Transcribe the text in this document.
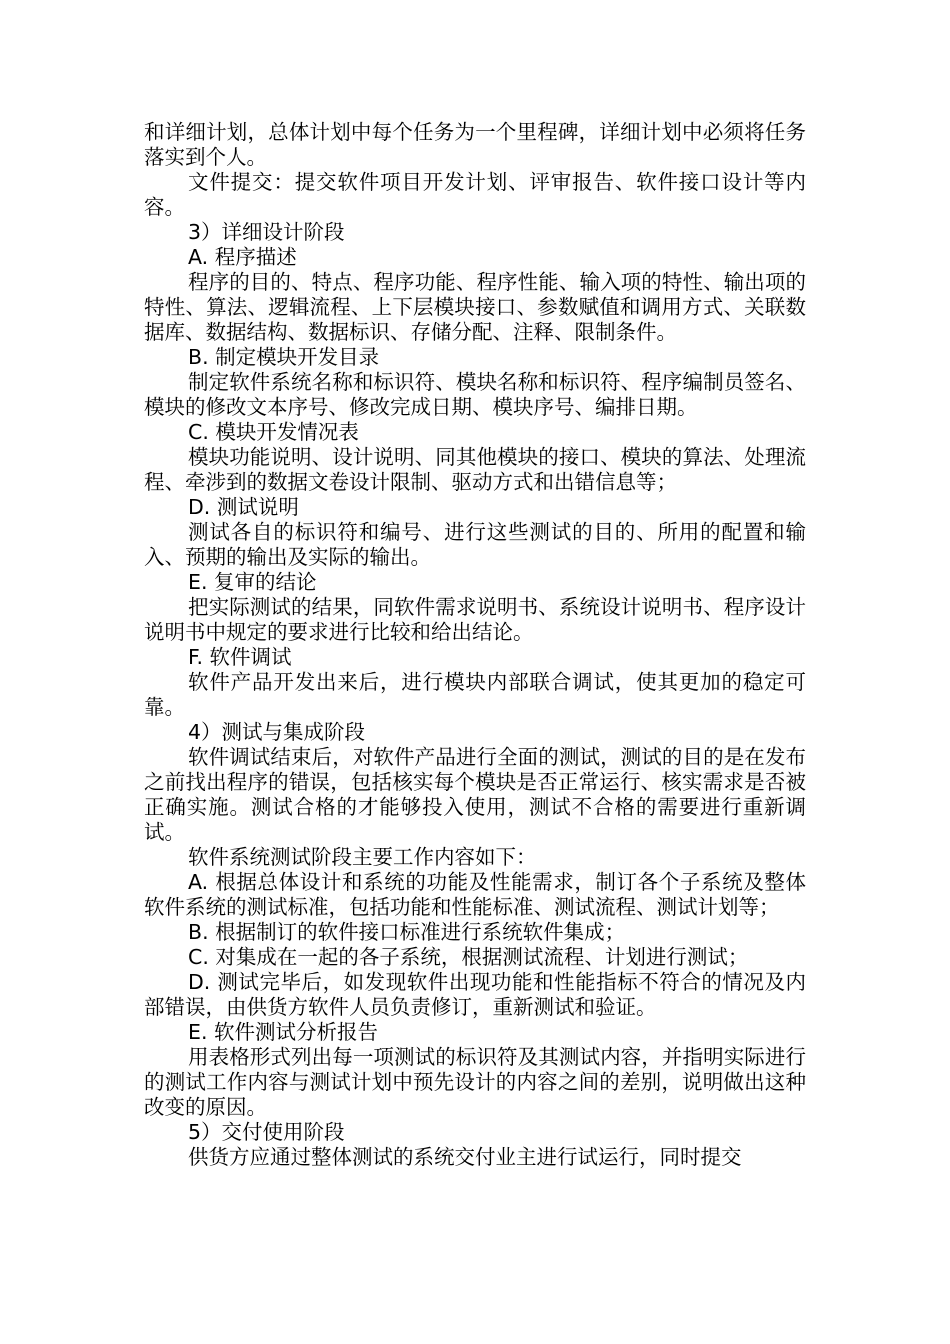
和详细计划，总体计划中每个任务为一个里程碑，详细计划中必须将任务落实到个人。

文件提交：提交软件项目开发计划、评审报告、软件接口设计等内容。

3）详细设计阶段

A. 程序描述

程序的目的、特点、程序功能、程序性能、输入项的特性、输出项的特性、算法、逻辑流程、上下层模块接口、参数赋值和调用方式、关联数据库、数据结构、数据标识、存储分配、注释、限制条件。

B. 制定模块开发目录

制定软件系统名称和标识符、模块名称和标识符、程序编制员签名、模块的修改文本序号、修改完成日期、模块序号、编排日期。

C. 模块开发情况表

模块功能说明、设计说明、同其他模块的接口、模块的算法、处理流程、牵涉到的数据文卷设计限制、驱动方式和出错信息等；

D. 测试说明

测试各自的标识符和编号、进行这些测试的目的、所用的配置和输入、预期的输出及实际的输出。

E. 复审的结论

把实际测试的结果，同软件需求说明书、系统设计说明书、程序设计说明书中规定的要求进行比较和给出结论。

F. 软件调试

软件产品开发出来后，进行模块内部联合调试，使其更加的稳定可靠。

4）测试与集成阶段

软件调试结束后，对软件产品进行全面的测试，测试的目的是在发布之前找出程序的错误，包括核实每个模块是否正常运行、核实需求是否被正确实施。测试合格的才能够投入使用，测试不合格的需要进行重新调试。

软件系统测试阶段主要工作内容如下：

A. 根据总体设计和系统的功能及性能需求，制订各个子系统及整体软件系统的测试标准，包括功能和性能标准、测试流程、测试计划等；

B. 根据制订的软件接口标准进行系统软件集成；

C. 对集成在一起的各子系统，根据测试流程、计划进行测试；

D. 测试完毕后，如发现软件出现功能和性能指标不符合的情况及内部错误，由供货方软件人员负责修订，重新测试和验证。

E. 软件测试分析报告

用表格形式列出每一项测试的标识符及其测试内容，并指明实际进行的测试工作内容与测试计划中预先设计的内容之间的差别，说明做出这种改变的原因。

5）交付使用阶段

供货方应通过整体测试的系统交付业主进行试运行，同时提交
